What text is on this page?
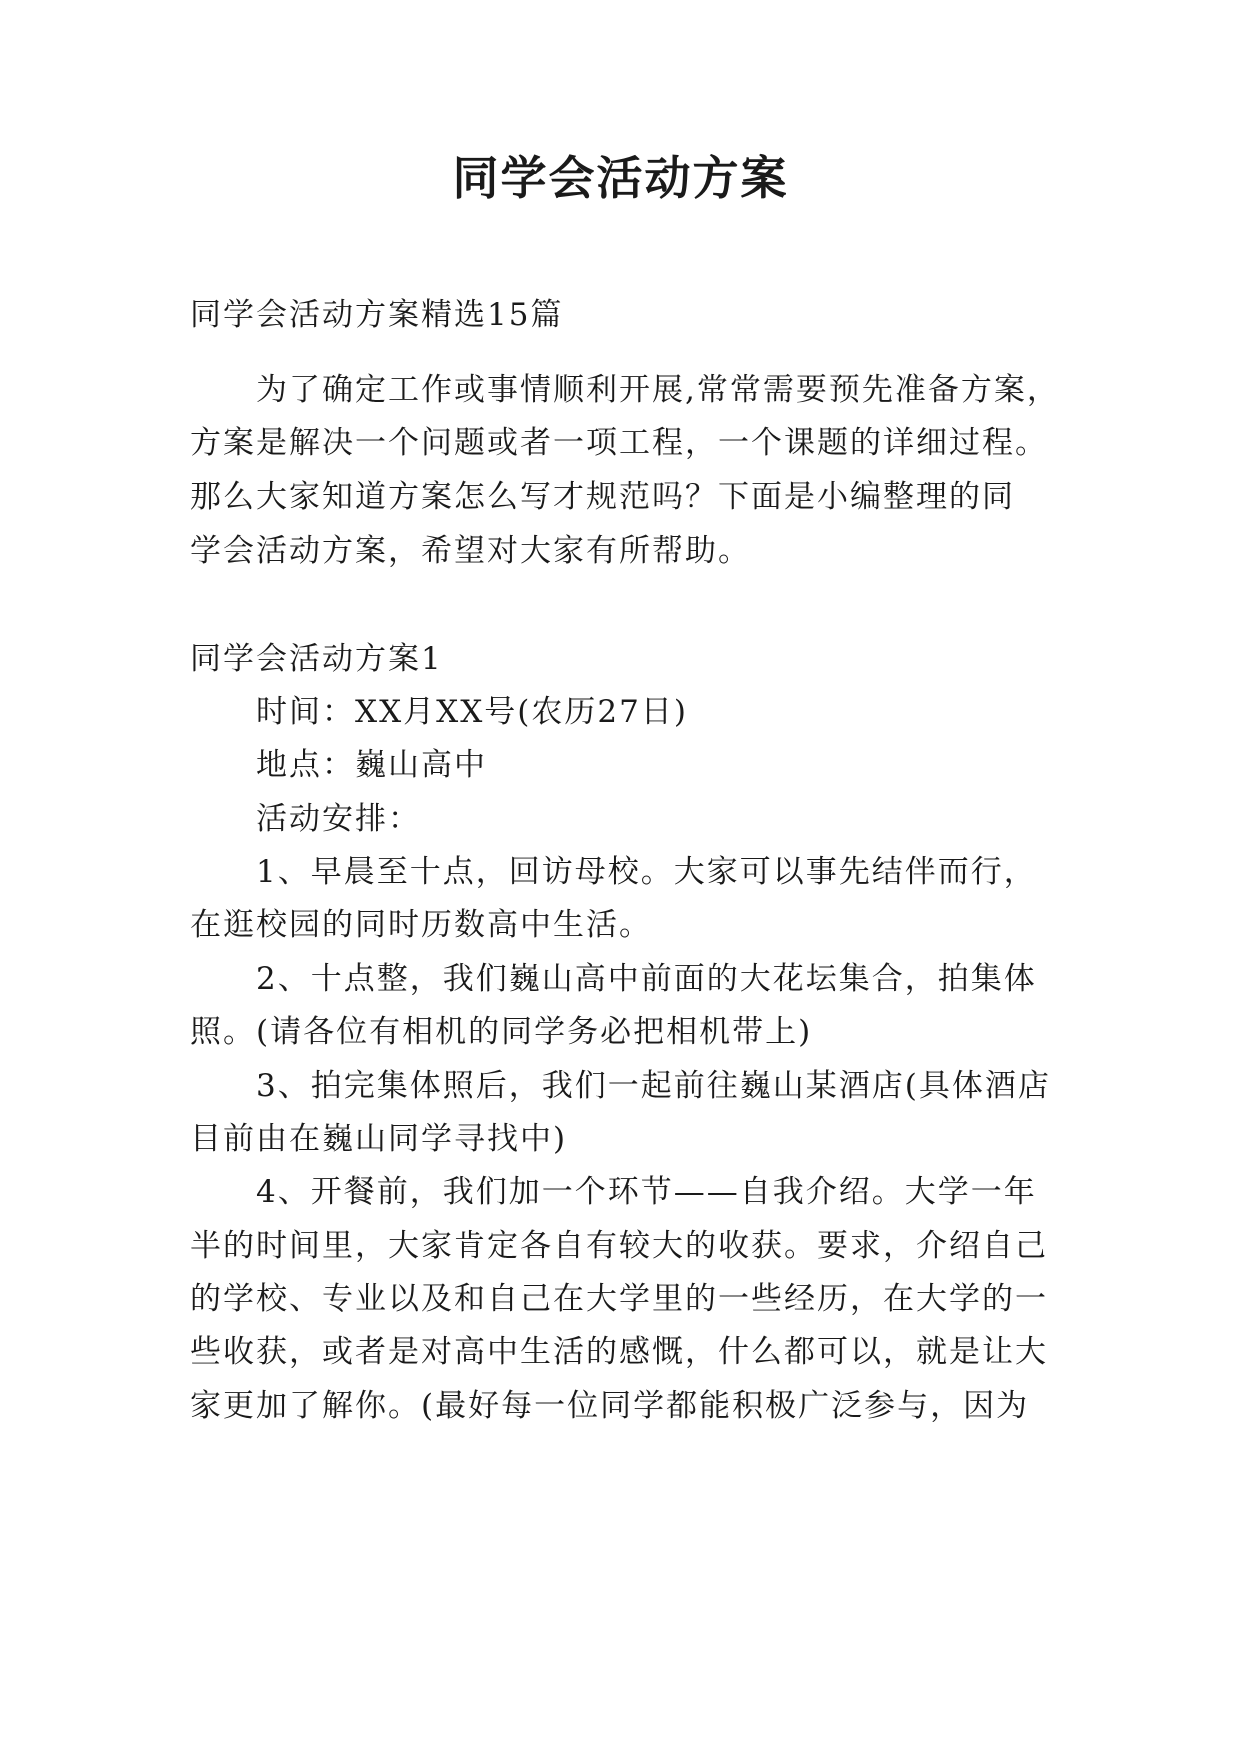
同学会活动方案

同学会活动方案精选15篇

为了确定工作或事情顺利开展,常常需要预先准备方案，

方案是解决一个问题或者一项工程，一个课题的详细过程。

那么大家知道方案怎么写才规范吗？下面是小编整理的同

学会活动方案，希望对大家有所帮助。

同学会活动方案1

时间：XX月XX号(农历27日)

地点：巍山高中

活动安排：

1、早晨至十点，回访母校。大家可以事先结伴而行，

在逛校园的同时历数高中生活。

2、十点整，我们巍山高中前面的大花坛集合，拍集体

照。(请各位有相机的同学务必把相机带上)

3、拍完集体照后，我们一起前往巍山某酒店(具体酒店

目前由在巍山同学寻找中)

4、开餐前，我们加一个环节——自我介绍。大学一年

半的时间里，大家肯定各自有较大的收获。要求，介绍自己

的学校、专业以及和自己在大学里的一些经历，在大学的一

些收获，或者是对高中生活的感慨，什么都可以，就是让大

家更加了解你。(最好每一位同学都能积极广泛参与，因为
